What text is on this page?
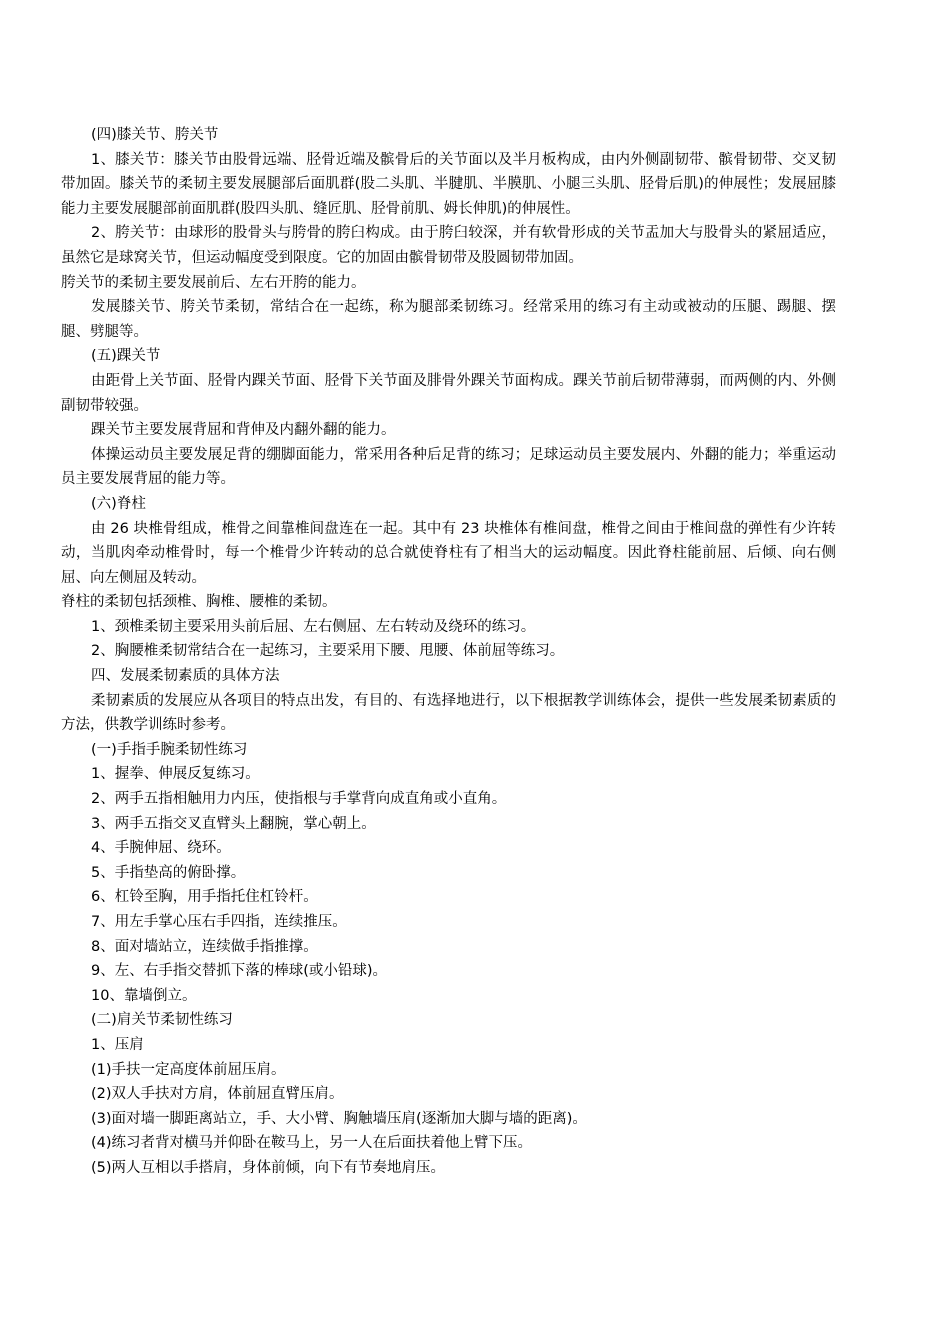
(四)膝关节、胯关节

1、膝关节：膝关节由股骨远端、胫骨近端及髌骨后的关节面以及半月板构成，由内外侧副韧带、髌骨韧带、交叉韧带加固。膝关节的柔韧主要发展腿部后面肌群(股二头肌、半腱肌、半膜肌、小腿三头肌、胫骨后肌)的伸展性；发展屈膝能力主要发展腿部前面肌群(股四头肌、缝匠肌、胫骨前肌、姆长伸肌)的伸展性。

2、胯关节：由球形的股骨头与胯骨的胯臼构成。由于胯臼较深，并有软骨形成的关节盂加大与股骨头的紧屈适应，虽然它是球窝关节，但运动幅度受到限度。它的加固由髌骨韧带及股圆韧带加固。

胯关节的柔韧主要发展前后、左右开胯的能力。

发展膝关节、胯关节柔韧，常结合在一起练，称为腿部柔韧练习。经常采用的练习有主动或被动的压腿、踢腿、摆腿、劈腿等。

(五)踝关节

由距骨上关节面、胫骨内踝关节面、胫骨下关节面及腓骨外踝关节面构成。踝关节前后韧带薄弱，而两侧的内、外侧副韧带较强。

踝关节主要发展背屈和背伸及内翻外翻的能力。

体操运动员主要发展足背的绷脚面能力，常采用各种后足背的练习；足球运动员主要发展内、外翻的能力；举重运动员主要发展背屈的能力等。

(六)脊柱

由 26 块椎骨组成，椎骨之间靠椎间盘连在一起。其中有 23 块椎体有椎间盘，椎骨之间由于椎间盘的弹性有少许转动，当肌肉牵动椎骨时，每一个椎骨少许转动的总合就使脊柱有了相当大的运动幅度。因此脊柱能前屈、后倾、向右侧屈、向左侧屈及转动。

脊柱的柔韧包括颈椎、胸椎、腰椎的柔韧。

1、颈椎柔韧主要采用头前后屈、左右侧屈、左右转动及绕环的练习。

2、胸腰椎柔韧常结合在一起练习，主要采用下腰、甩腰、体前屈等练习。

四、发展柔韧素质的具体方法

柔韧素质的发展应从各项目的特点出发，有目的、有选择地进行，以下根据教学训练体会，提供一些发展柔韧素质的方法，供教学训练时参考。

(一)手指手腕柔韧性练习

1、握拳、伸展反复练习。

2、两手五指相触用力内压，使指根与手掌背向成直角或小直角。

3、两手五指交叉直臂头上翻腕，掌心朝上。

4、手腕伸屈、绕环。

5、手指垫高的俯卧撑。

6、杠铃至胸，用手指托住杠铃杆。

7、用左手掌心压右手四指，连续推压。

8、面对墙站立，连续做手指推撑。

9、左、右手指交替抓下落的棒球(或小铅球)。

10、靠墙倒立。

(二)肩关节柔韧性练习

1、压肩

(1)手扶一定高度体前屈压肩。

(2)双人手扶对方肩，体前屈直臂压肩。

(3)面对墙一脚距离站立，手、大小臂、胸触墙压肩(逐渐加大脚与墙的距离)。

(4)练习者背对横马并仰卧在鞍马上，另一人在后面扶着他上臂下压。

(5)两人互相以手搭肩，身体前倾，向下有节奏地肩压。
